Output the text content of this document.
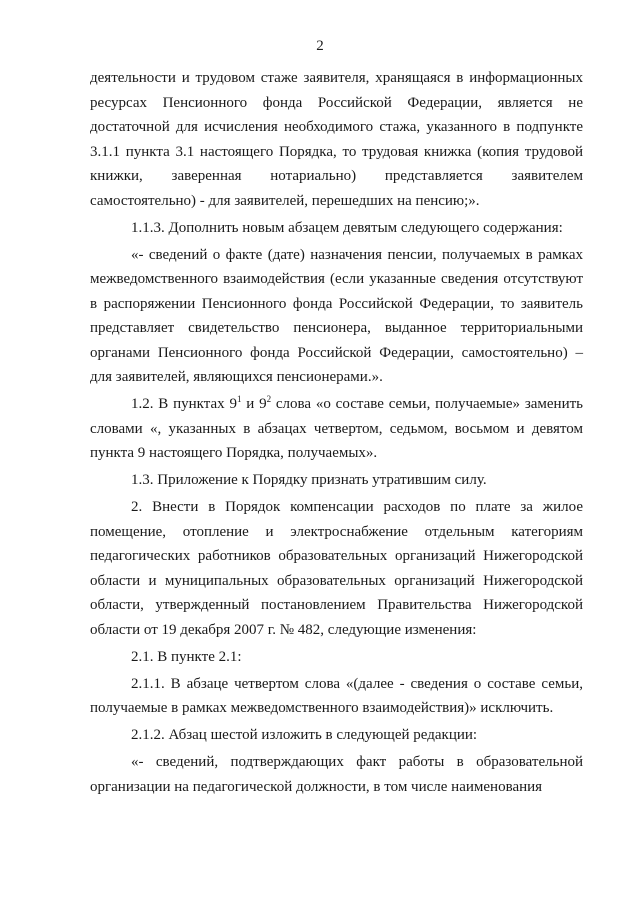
2

деятельности и трудовом стаже заявителя, хранящаяся в информационных ресурсах Пенсионного фонда Российской Федерации, является не достаточной для исчисления необходимого стажа, указанного в подпункте 3.1.1 пункта 3.1 настоящего Порядка, то трудовая книжка (копия трудовой книжки, заверенная нотариально) представляется заявителем самостоятельно) - для заявителей, перешедших на пенсию;».

1.1.3. Дополнить новым абзацем девятым следующего содержания:

«- сведений о факте (дате) назначения пенсии, получаемых в рамках межведомственного взаимодействия (если указанные сведения отсутствуют в распоряжении Пенсионного фонда Российской Федерации, то заявитель представляет свидетельство пенсионера, выданное территориальными органами Пенсионного фонда Российской Федерации, самостоятельно) – для заявителей, являющихся пенсионерами.».

1.2. В пунктах $9^1$ и $9^2$ слова «о составе семьи, получаемые» заменить словами «, указанных в абзацах четвертом, седьмом, восьмом и девятом пункта 9 настоящего Порядка, получаемых».

1.3. Приложение к Порядку признать утратившим силу.

2. Внести в Порядок компенсации расходов по плате за жилое помещение, отопление и электроснабжение отдельным категориям педагогических работников образовательных организаций Нижегородской области и муниципальных образовательных организаций Нижегородской области, утвержденный постановлением Правительства Нижегородской области от 19 декабря 2007 г. № 482, следующие изменения:

2.1. В пункте 2.1:

2.1.1. В абзаце четвертом слова «(далее - сведения о составе семьи, получаемые в рамках межведомственного взаимодействия)» исключить.

2.1.2. Абзац шестой изложить в следующей редакции:

«- сведений, подтверждающих факт работы в образовательной организации на педагогической должности, в том числе наименования
